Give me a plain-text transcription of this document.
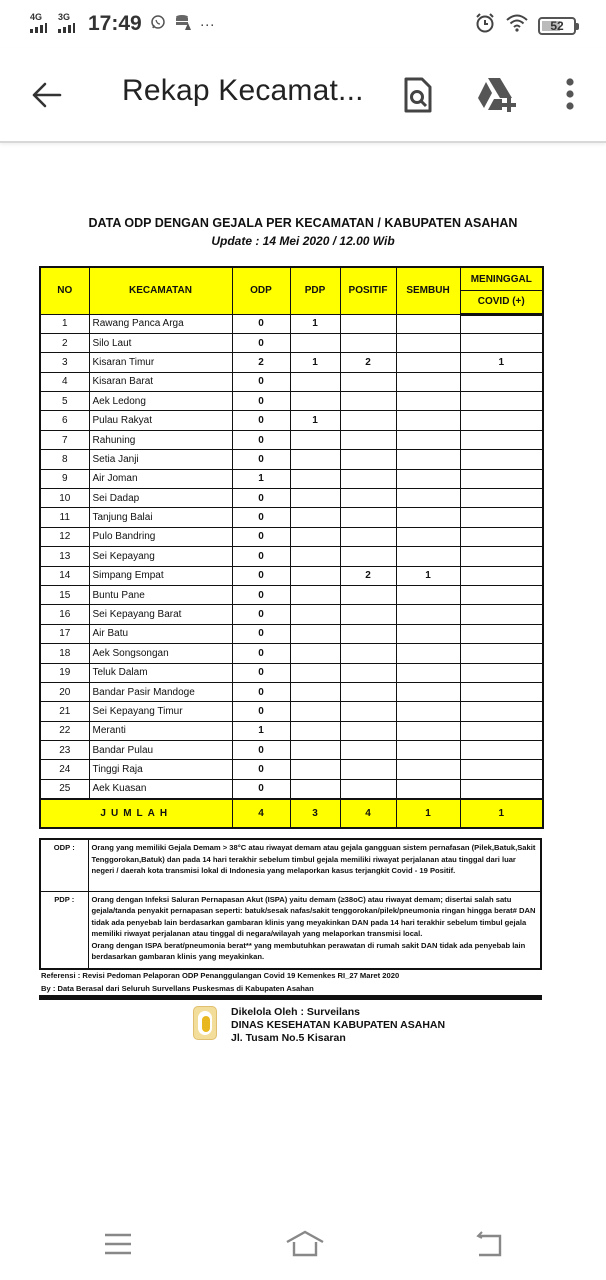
4G 3G 17:49	···	52
Rekap Kecamat...
DATA ODP DENGAN GEJALA PER KECAMATAN / KABUPATEN ASAHAN
Update : 14 Mei 2020 / 12.00 Wib
NO	KECAMATAN	ODP	PDP	POSITIF	SEMBUH	MENINGGAL
						COVID (+)
1	Rawang Panca Arga	0	1			
2	Silo Laut	0				
3	Kisaran Timur	2	1	2		1
4	Kisaran Barat	0				
5	Aek Ledong	0				
6	Pulau Rakyat	0	1			
7	Rahuning	0				
8	Setia Janji	0				
9	Air Joman	1				
10	Sei Dadap	0				
11	Tanjung Balai	0				
12	Pulo Bandring	0				
13	Sei Kepayang	0				
14	Simpang Empat	0		2	1	
15	Buntu Pane	0				
16	Sei Kepayang Barat	0				
17	Air Batu	0				
18	Aek Songsongan	0				
19	Teluk Dalam	0				
20	Bandar Pasir Mandoge	0				
21	Sei Kepayang Timur	0				
22	Meranti	1				
23	Bandar Pulau	0				
24	Tinggi Raja	0				
25	Aek Kuasan	0				
JUMLAH		4	3	4	1	1
ODP :	Orang yang memiliki Gejala Demam > 38°C atau riwayat demam atau gejala gangguan sistem pernafasan (Pilek,Batuk,Sakit Tenggorokan,Batuk) dan pada 14 hari terakhir sebelum timbul gejala memiliki riwayat perjalanan atau tinggal dari luar negeri / daerah kota transmisi lokal di Indonesia yang melaporkan kasus terjangkit Covid - 19 Positif.
PDP :	Orang dengan Infeksi Saluran Pernapasan Akut (ISPA) yaitu demam (≥38oC) atau riwayat demam; disertai salah satu gejala/tanda penyakit pernapasan seperti: batuk/sesak nafas/sakit tenggorokan/pilek/pneumonia ringan hingga berat# DAN tidak ada penyebab lain berdasarkan gambaran klinis yang meyakinkan DAN pada 14 hari terakhir sebelum timbul gejala memiliki riwayat perjalanan atau tinggal di negara/wilayah yang melaporkan transmisi local.
Orang dengan ISPA berat/pneumonia berat** yang membutuhkan perawatan di rumah sakit DAN tidak ada penyebab lain berdasarkan gambaran klinis yang meyakinkan.
Referensi : Revisi Pedoman Pelaporan ODP Penanggulangan Covid 19 Kemenkes RI_27 Maret 2020
By : Data Berasal dari Seluruh Survellans Puskesmas di Kabupaten Asahan
Dikelola Oleh : Surveilans
DINAS KESEHATAN KABUPATEN ASAHAN
Jl. Tusam No.5 Kisaran
